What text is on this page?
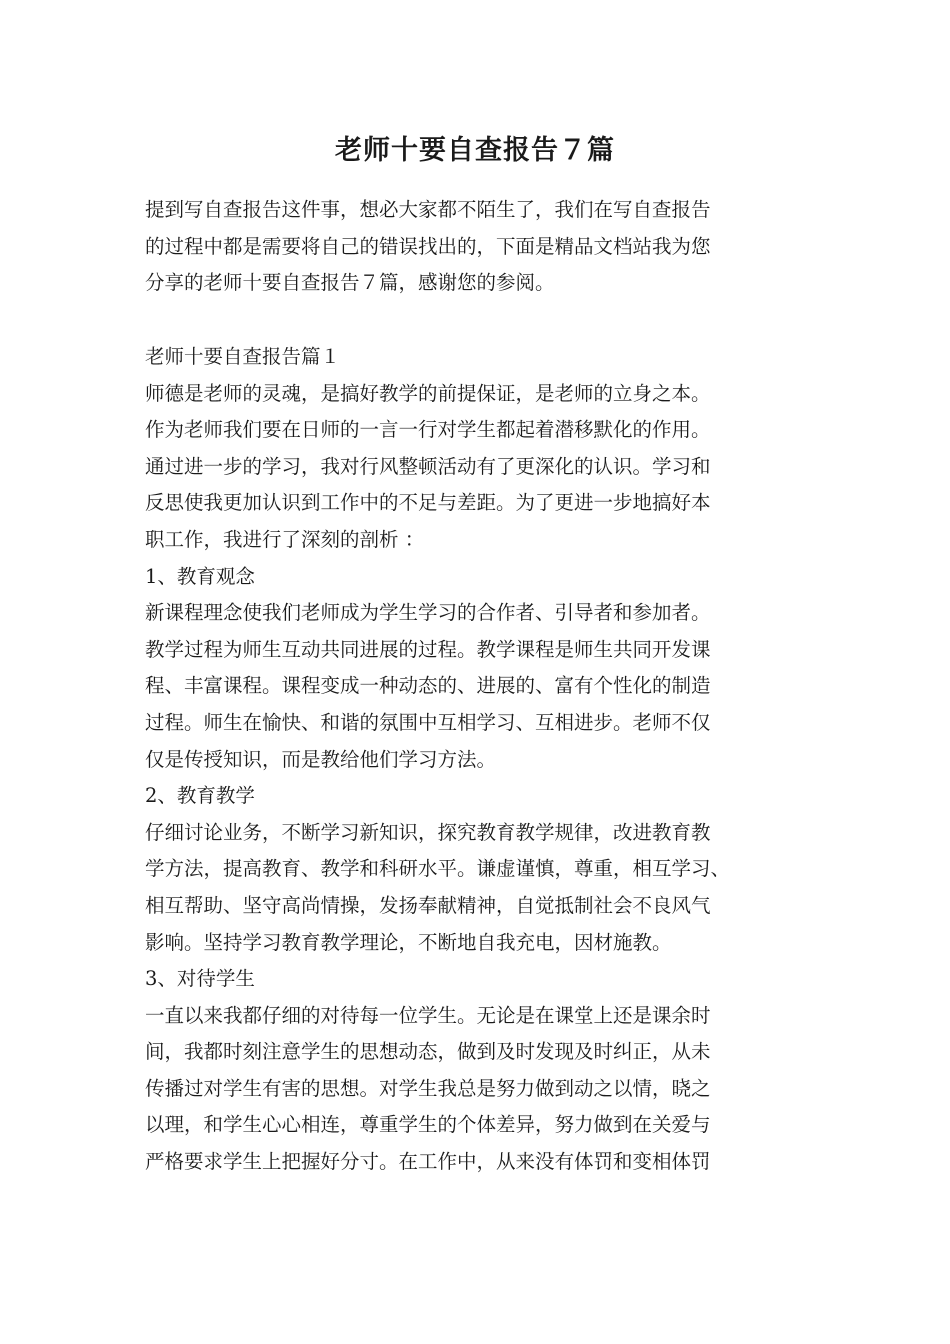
老师十要自查报告７篇
提到写自查报告这件事，想必大家都不陌生了，我们在写自查报告
的过程中都是需要将自己的错误找出的，下面是精品文档站我为您
分享的老师十要自查报告７篇，感谢您的参阅。
老师十要自查报告篇１
师德是老师的灵魂，是搞好教学的前提保证，是老师的立身之本。
作为老师我们要在日师的一言一行对学生都起着潜移默化的作用。
通过进一步的学习，我对行风整顿活动有了更深化的认识。学习和
反思使我更加认识到工作中的不足与差距。为了更进一步地搞好本
职工作，我进行了深刻的剖析 ：
1、教育观念
新课程理念使我们老师成为学生学习的合作者、引导者和参加者。
教学过程为师生互动共同进展的过程。教学课程是师生共同开发课
程、丰富课程。课程变成一种动态的、进展的、富有个性化的制造
过程。师生在愉快、和谐的氛围中互相学习、互相进步。老师不仅
仅是传授知识，而是教给他们学习方法。
2、教育教学
仔细讨论业务，不断学习新知识，探究教育教学规律，改进教育教
学方法，提高教育、教学和科研水平。谦虚谨慎，尊重，相互学习、
相互帮助、坚守高尚情操，发扬奉献精神，自觉抵制社会不良风气
影响。坚持学习教育教学理论，不断地自我充电，因材施教。
3、对待学生
一直以来我都仔细的对待每一位学生。无论是在课堂上还是课余时
间，我都时刻注意学生的思想动态，做到及时发现及时纠正，从未
传播过对学生有害的思想。对学生我总是努力做到动之以情，晓之
以理，和学生心心相连，尊重学生的个体差异，努力做到在关爱与
严格要求学生上把握好分寸。在工作中，从来没有体罚和变相体罚
